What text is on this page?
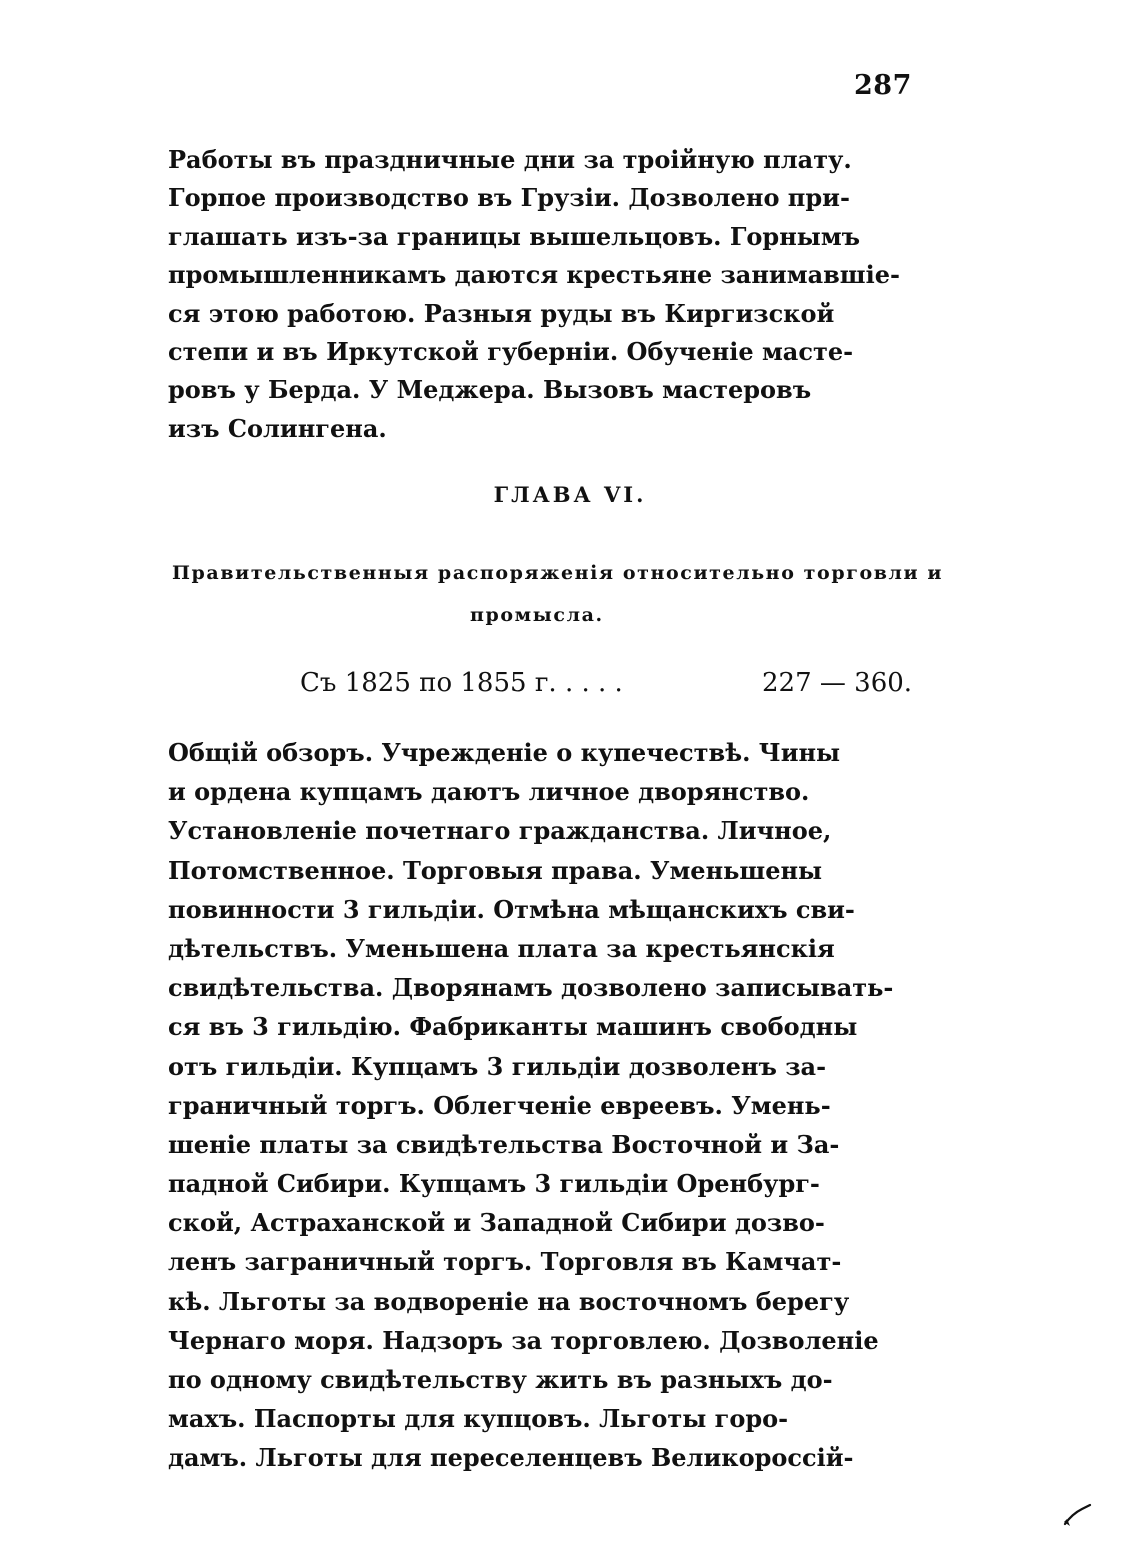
287
Работы въ праздничные дни за троiйную плату.
Горпое производство въ Грузiи. Дозволено при-
глашать изъ-за границы вышельцовъ. Горнымъ
промышленникамъ даются крестьяне занимавшiе-
ся этою работою. Разныя руды въ Киргизской
степи и въ Иркутской губернiи. Обученiе масте-
ровъ у Берда. У Меджера. Вызовъ мастеровъ
изъ Солингена.
ГЛАВА VI.
Правительственныя распоряженiя относительно торговли и
промысла.
Съ 1825 по 1855 г. . . . .	227 — 360.
Общiй обзоръ. Учрежденiе о купечествѣ. Чины
и ордена купцамъ даютъ личное дворянство.
Установленiе почетнаго гражданства. Личное,
Потомственное. Торговыя права. Уменьшены
повинности 3 гильдiи. Отмѣна мѣщанскихъ сви-
дѣтельствъ. Уменьшена плата за крестьянскiя
свидѣтельства. Дворянамъ дозволено записывать-
ся въ 3 гильдiю. Фабриканты машинъ свободны
отъ гильдiи. Купцамъ 3 гильдiи дозволенъ за-
граничный торгъ. Облегченiе евреевъ. Умень-
шенiе платы за свидѣтельства Восточной и За-
падной Сибири. Купцамъ 3 гильдiи Оренбург-
ской, Астраханской и Западной Сибири дозво-
ленъ заграничный торгъ. Торговля въ Камчат-
кѣ. Льготы за водворенiе на восточномъ берегу
Чернаго моря. Надзоръ за торговлею. Дозволенiе
по одному свидѣтельству жить въ разныхъ до-
махъ. Паспорты для купцовъ. Льготы горо-
дамъ. Льготы для переселенцевъ Великороссiй-
